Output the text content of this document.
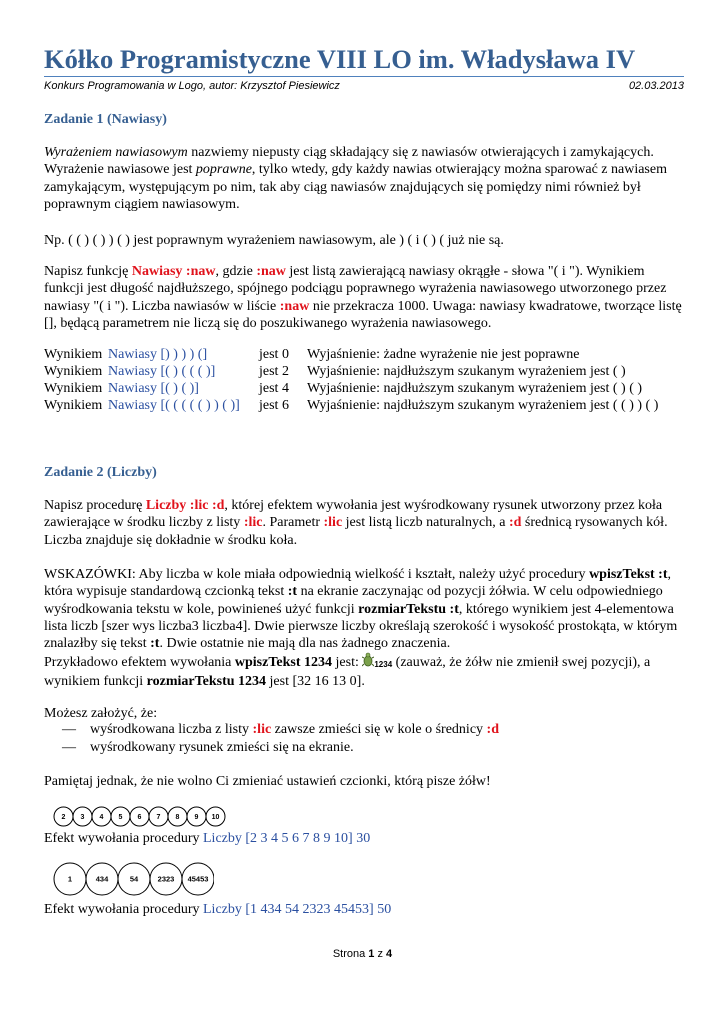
Kółko Programistyczne VIII LO im. Władysława IV
Konkurs Programowania w Logo, autor: Krzysztof Piesiewicz	02.03.2013
Zadanie 1 (Nawiasy)
Wyrażeniem nawiasowym nazwiemy niepusty ciąg składający się z nawiasów otwierających i zamykających. Wyrażenie nawiasowe jest poprawne, tylko wtedy, gdy każdy nawias otwierający można sparować z nawiasem zamykającym, występującym po nim, tak aby ciąg nawiasów znajdujących się pomiędzy nimi również był poprawnym ciągiem nawiasowym.
Np. ( ( ) ( ) ) ( ) jest poprawnym wyrażeniem nawiasowym, ale ) ( i ( ) ( już nie są.
Napisz funkcję Nawiasy :naw, gdzie :naw jest listą zawierającą nawiasy okrągłe - słowa "( i "). Wynikiem funkcji jest długość najdłuższego, spójnego podciągu poprawnego wyrażenia nawiasowego utworzonego przez nawiasy "( i "). Liczba nawiasów w liście :naw nie przekracza 1000. Uwaga: nawiasy kwadratowe, tworzące listę [], będącą parametrem nie liczą się do poszukiwanego wyrażenia nawiasowego.
Wynikiem Nawiasy [) ) ) ) (]	jest 0 Wyjaśnienie: żadne wyrażenie nie jest poprawne
Wynikiem Nawiasy [( ) ( ( ( )]	jest 2 Wyjaśnienie: najdłuższym szukanym wyrażeniem jest ( )
Wynikiem Nawiasy [( ) ( )]	jest 4 Wyjaśnienie: najdłuższym szukanym wyrażeniem jest ( ) ( )
Wynikiem Nawiasy [( ( ( ( ( ) ) ( )] jest 6 Wyjaśnienie: najdłuższym szukanym wyrażeniem jest ( ( ) ) ( )
Zadanie 2 (Liczby)
Napisz procedurę Liczby :lic :d, której efektem wywołania jest wyśrodkowany rysunek utworzony przez koła zawierające w środku liczby z listy :lic. Parametr :lic jest listą liczb naturalnych, a :d średnicą rysowanych kół. Liczba znajduje się dokładnie w środku koła.
WSKAZÓWKI: Aby liczba w kole miała odpowiednią wielkość i kształt, należy użyć procedury wpiszTekst :t, która wypisuje standardową czcionką tekst :t na ekranie zaczynając od pozycji żółwia. W celu odpowiedniego wyśrodkowania tekstu w kole, powinieneś użyć funkcji rozmiarTekstu :t, którego wynikiem jest 4-elementowa lista liczb [szer wys liczba3 liczba4]. Dwie pierwsze liczby określają szerokość i wysokość prostokąta, w którym znalazłby się tekst :t. Dwie ostatnie nie mają dla nas żadnego znaczenia.
Przykładowo efektem wywołania wpiszTekst 1234 jest: 1234 (zauważ, że żółw nie zmienił swej pozycji), a wynikiem funkcji rozmiarTekstu 1234 jest [32 16 13 0].
Możesz założyć, że:
— wyśrodkowana liczba z listy :lic zawsze zmieści się w kole o średnicy :d
— wyśrodkowany rysunek zmieści się na ekranie.
Pamiętaj jednak, że nie wolno Ci zmieniać ustawień czcionki, którą pisze żółw!
2 3 4 5 6 7 8 9 10
Efekt wywołania procedury Liczby [2 3 4 5 6 7 8 9 10] 30
1	434	54	2323 45453
Efekt wywołania procedury Liczby [1 434 54 2323 45453] 50
Strona 1 z 4
